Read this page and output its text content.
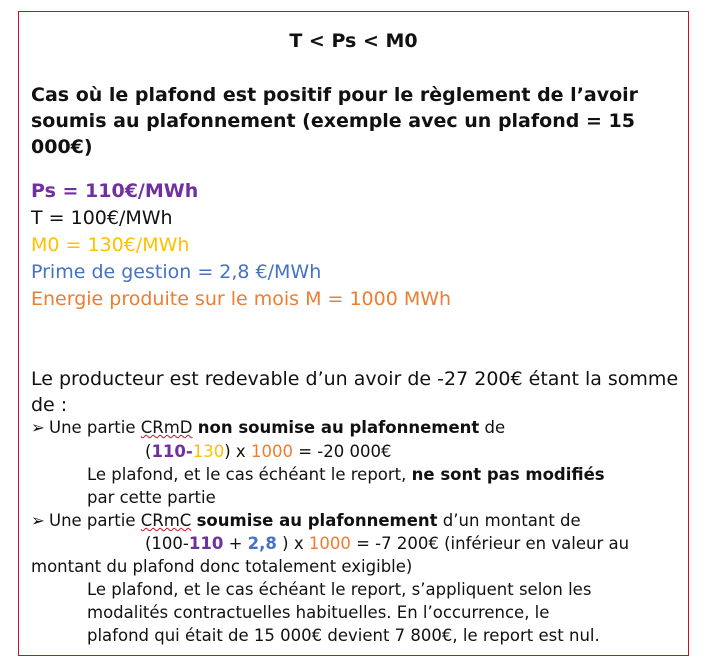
T < Ps < M0
Cas où le plafond est positif pour le règlement de l’avoir soumis au plafonnement (exemple avec un plafond = 15 000€)
Ps = 110€/MWh
T = 100€/MWh
M0 = 130€/MWh
Prime de gestion = 2,8 €/MWh
Energie produite sur le mois M = 1000 MWh
Le producteur est redevable d’un avoir de -27 200€ étant la somme de :
➢ Une partie CRmD non soumise au plafonnement de
(110-130) x 1000 = -20 000€
Le plafond, et le cas échéant le report, ne sont pas modifiés
par cette partie
➢ Une partie CRmC soumise au plafonnement d’un montant de
(100-110 + 2,8 ) x 1000 = -7 200€ (inférieur en valeur au
montant du plafond donc totalement exigible)
Le plafond, et le cas échéant le report, s’appliquent selon les
modalités contractuelles habituelles. En l’occurrence, le
plafond qui était de 15 000€ devient 7 800€, le report est nul.
